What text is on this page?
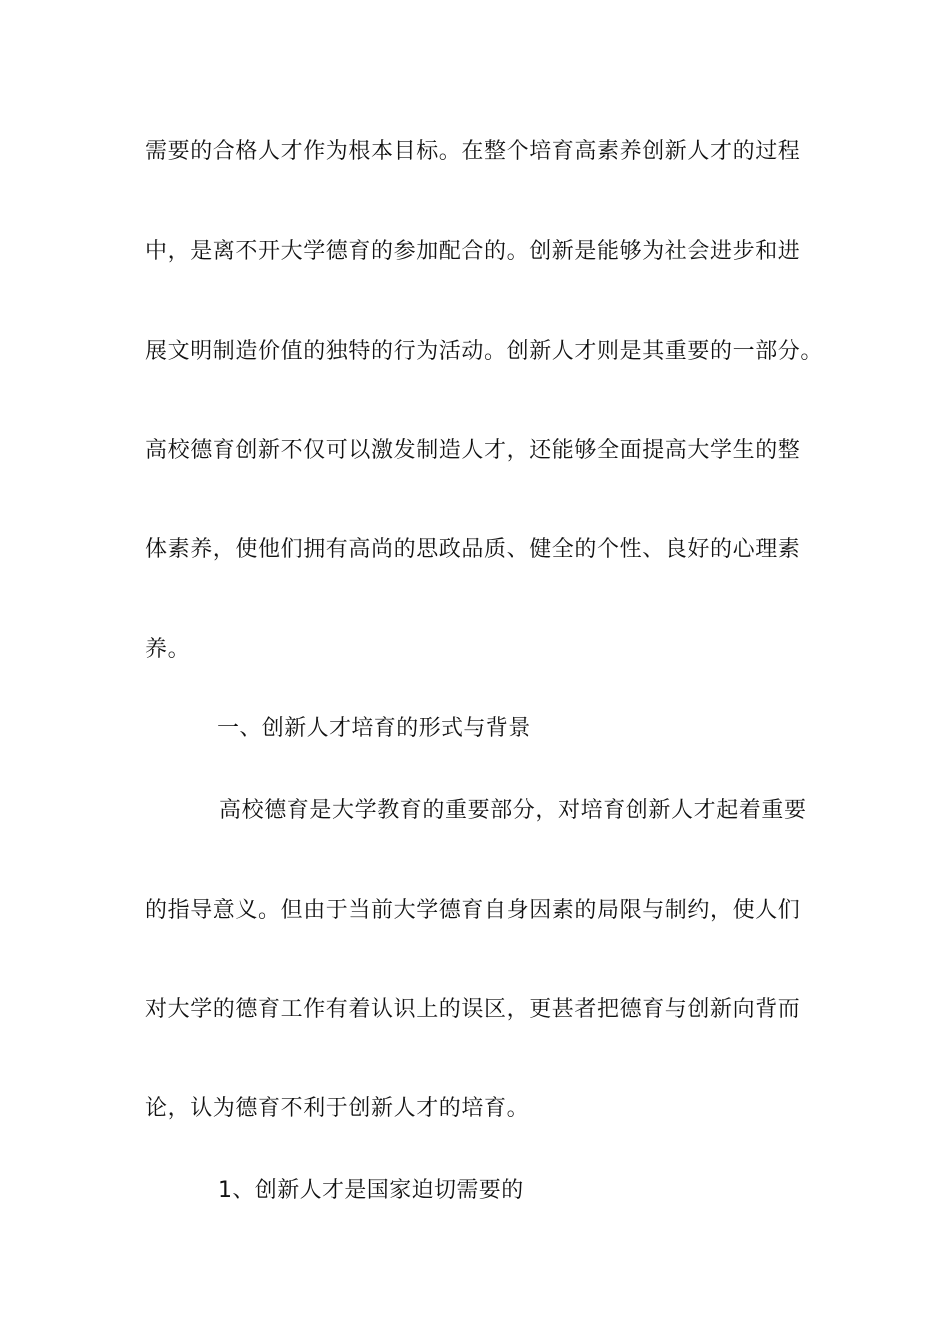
需要的合格人才作为根本目标。在整个培育高素养创新人才的过程
中，是离不开大学德育的参加配合的。创新是能够为社会进步和进
展文明制造价值的独特的行为活动。创新人才则是其重要的一部分。
高校德育创新不仅可以激发制造人才，还能够全面提高大学生的整
体素养，使他们拥有高尚的思政品质、健全的个性、良好的心理素
养。
一、创新人才培育的形式与背景
高校德育是大学教育的重要部分，对培育创新人才起着重要
的指导意义。但由于当前大学德育自身因素的局限与制约，使人们
对大学的德育工作有着认识上的误区，更甚者把德育与创新向背而
论，认为德育不利于创新人才的培育。
1、创新人才是国家迫切需要的
